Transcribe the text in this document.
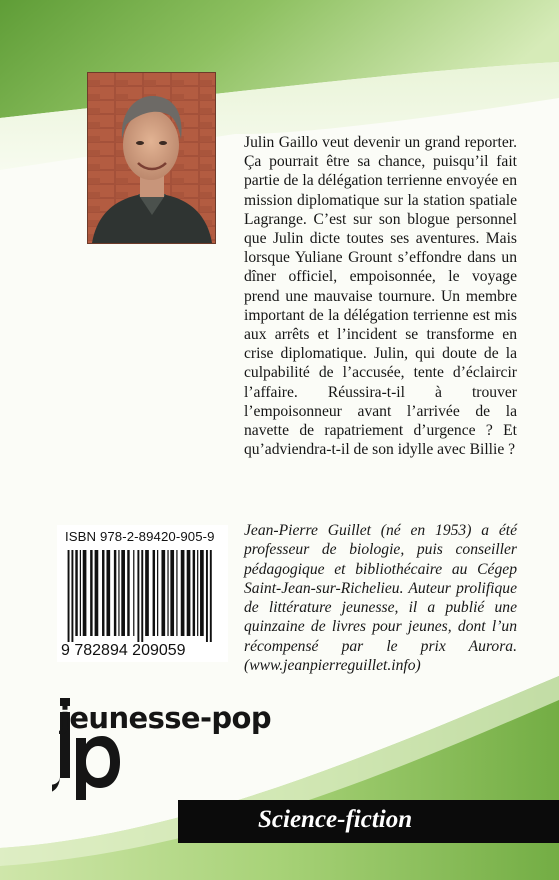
Julin Gaillo veut devenir un grand reporter. Ça pourrait être sa chance, puisqu’il fait partie de la délégation terrienne envoyée en mission diplomatique sur la station spatiale Lagrange. C’est sur son blogue personnel que Julin dicte toutes ses aventures. Mais lorsque Yuliane Grount s’effondre dans un dîner officiel, empoisonnée, le voyage prend une mauvaise tournure. Un membre important de la délégation terrienne est mis aux arrêts et l’incident se transforme en crise diplomatique. Julin, qui doute de la culpabilité de l’accusée, tente d’éclaircir l’affaire. Réussira-t-il à trouver l’empoisonneur avant l’arrivée de la navette de rapatriement d’urgence ? Et qu’adviendra-t-il de son idylle avec Billie ?

Jean-Pierre Guillet (né en 1953) a été professeur de biologie, puis conseiller pédagogique et bibliothécaire au Cégep Saint-Jean-sur-Richelieu. Auteur prolifique de littérature jeunesse, il a publié une quinzaine de livres pour jeunes, dont l’un récompensé par le prix Aurora. (www.jeanpierreguillet.info)

ISBN 978-2-89420-905-9
9 782894 209059
jeunesse-pop
Science-fiction
